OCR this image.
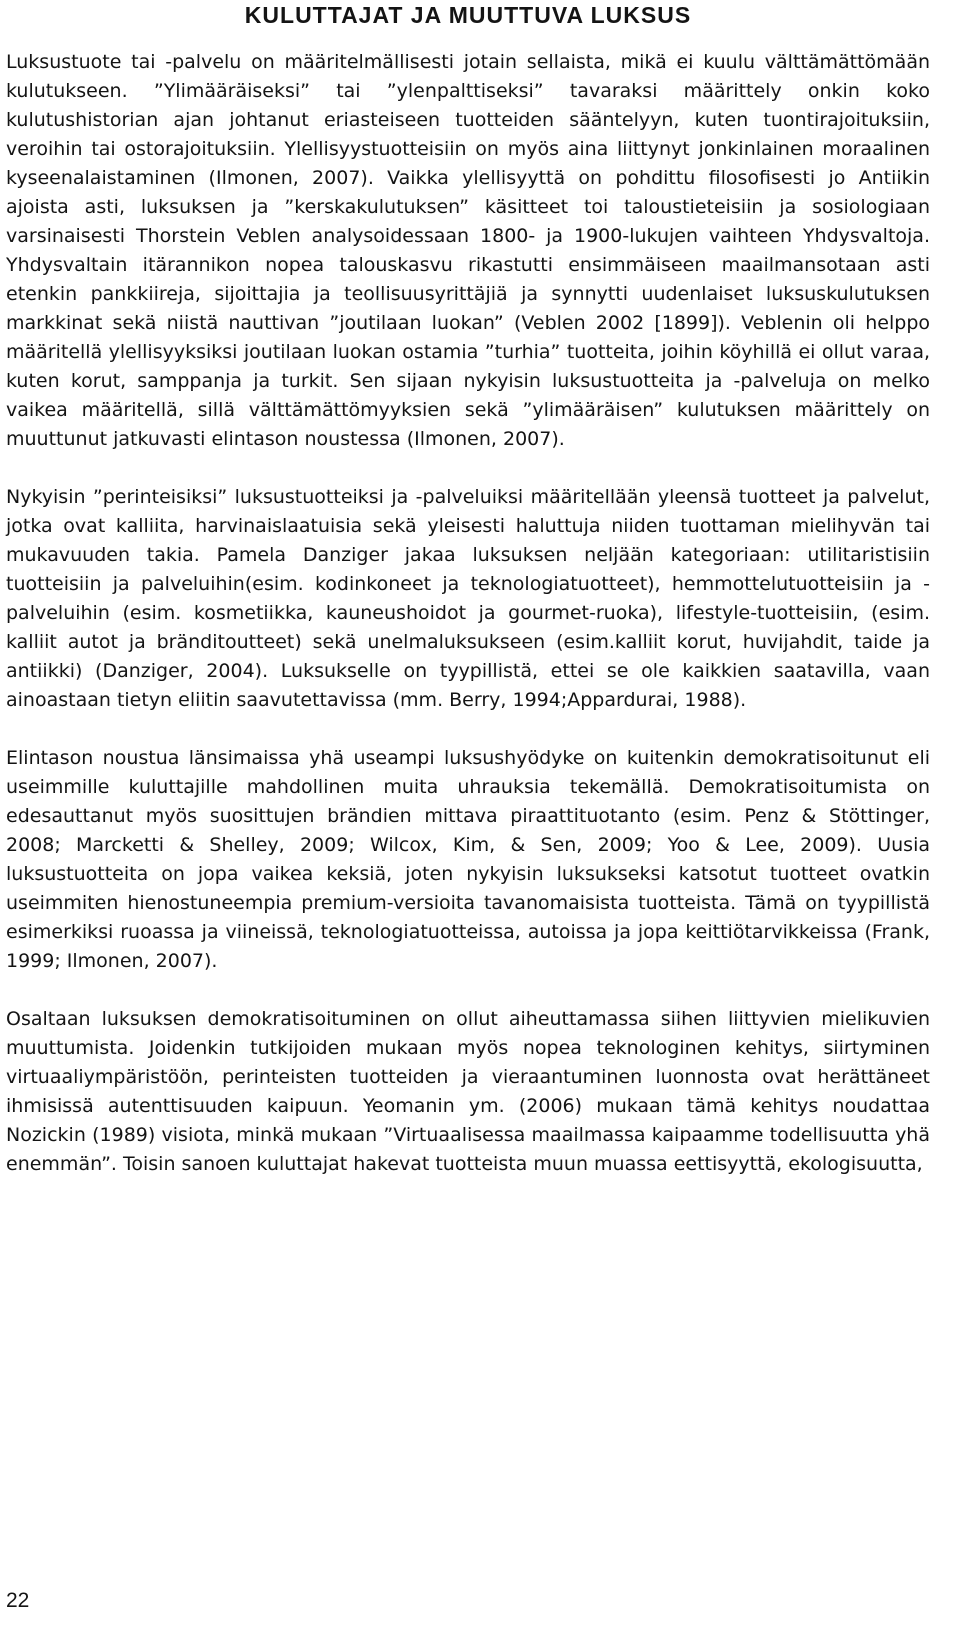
KULUTTAJAT JA MUUTTUVA LUKSUS

Luksustuote tai -palvelu on määritelmällisesti jotain sellaista, mikä ei kuulu välttämättömään kulutukseen. ”Ylimääräiseksi” tai ”ylenpalttiseksi” tavaraksi määrittely onkin koko kulutushistorian ajan johtanut eriasteiseen tuotteiden sääntelyyn, kuten tuontirajoituksiin, veroihin tai ostorajoituksiin. Ylellisyystuotteisiin on myös aina liittynyt jonkinlainen moraalinen kyseenalaistaminen (Ilmonen, 2007). Vaikka ylellisyyttä on pohdittu filosofisesti jo Antiikin ajoista asti, luksuksen ja ”kerskakulutuksen” käsitteet toi taloustieteisiin ja sosiologiaan varsinaisesti Thorstein Veblen analysoidessaan 1800- ja 1900-lukujen vaihteen Yhdysvaltoja. Yhdysvaltain itärannikon nopea talouskasvu rikastutti ensimmäiseen maailmansotaan asti etenkin pankkiireja, sijoittajia ja teollisuusyrittäjiä ja synnytti uudenlaiset luksuskulutuksen markkinat sekä niistä nauttivan ”joutilaan luokan” (Veblen 2002 [1899]). Veblenin oli helppo määritellä ylellisyyksiksi joutilaan luokan ostamia ”turhia” tuotteita, joihin köyhillä ei ollut varaa, kuten korut, samppanja ja turkit. Sen sijaan nykyisin luksustuotteita ja -palveluja on melko vaikea määritellä, sillä välttämättömyyksien sekä ”ylimääräisen” kulutuksen määrittely on muuttunut jatkuvasti elintason noustessa (Ilmonen, 2007).

Nykyisin ”perinteisiksi” luksustuotteiksi ja -palveluiksi määritellään yleensä tuotteet ja palvelut, jotka ovat kalliita, harvinaislaatuisia sekä yleisesti haluttuja niiden tuottaman mielihyvän tai mukavuuden takia. Pamela Danziger jakaa luksuksen neljään kategoriaan: utilitaristisiin tuotteisiin ja palveluihin(esim. kodinkoneet ja teknologiatuotteet), hemmottelutuotteisiin ja -palveluihin (esim. kosmetiikka, kauneushoidot ja gourmet-ruoka), lifestyle-tuotteisiin, (esim. kalliit autot ja bränditoutteet) sekä unelmaluksukseen (esim.kalliit korut, huvijahdit, taide ja antiikki) (Danziger, 2004). Luksukselle on tyypillistä, ettei se ole kaikkien saatavilla, vaan ainoastaan tietyn eliitin saavutettavissa (mm. Berry, 1994;Appardurai, 1988).

Elintason noustua länsimaissa yhä useampi luksushyödyke on kuitenkin demokratisoitunut eli useimmille kuluttajille mahdollinen muita uhrauksia tekemällä. Demokratisoitumista on edesauttanut myös suosittujen brändien mittava piraattituotanto (esim. Penz & Stöttinger, 2008; Marcketti & Shelley, 2009; Wilcox, Kim, & Sen, 2009; Yoo & Lee, 2009). Uusia luksustuotteita on jopa vaikea keksiä, joten nykyisin luksukseksi katsotut tuotteet ovatkin useimmiten hienostuneempia premium-versioita tavanomaisista tuotteista. Tämä on tyypillistä esimerkiksi ruoassa ja viineissä, teknologiatuotteissa, autoissa ja jopa keittiötarvikkeissa (Frank, 1999; Ilmonen, 2007).

Osaltaan luksuksen demokratisoituminen on ollut aiheuttamassa siihen liittyvien mielikuvien muuttumista. Joidenkin tutkijoiden mukaan myös nopea teknologinen kehitys, siirtyminen virtuaaliympäristöön, perinteisten tuotteiden ja vieraantuminen luonnosta ovat herättäneet ihmisissä autenttisuuden kaipuun. Yeomanin ym. (2006) mukaan tämä kehitys noudattaa Nozickin (1989) visiota, minkä mukaan ”Virtuaalisessa maailmassa kaipaamme todellisuutta yhä enemmän”. Toisin sanoen kuluttajat hakevat tuotteista muun muassa eettisyyttä, ekologisuutta,

22
